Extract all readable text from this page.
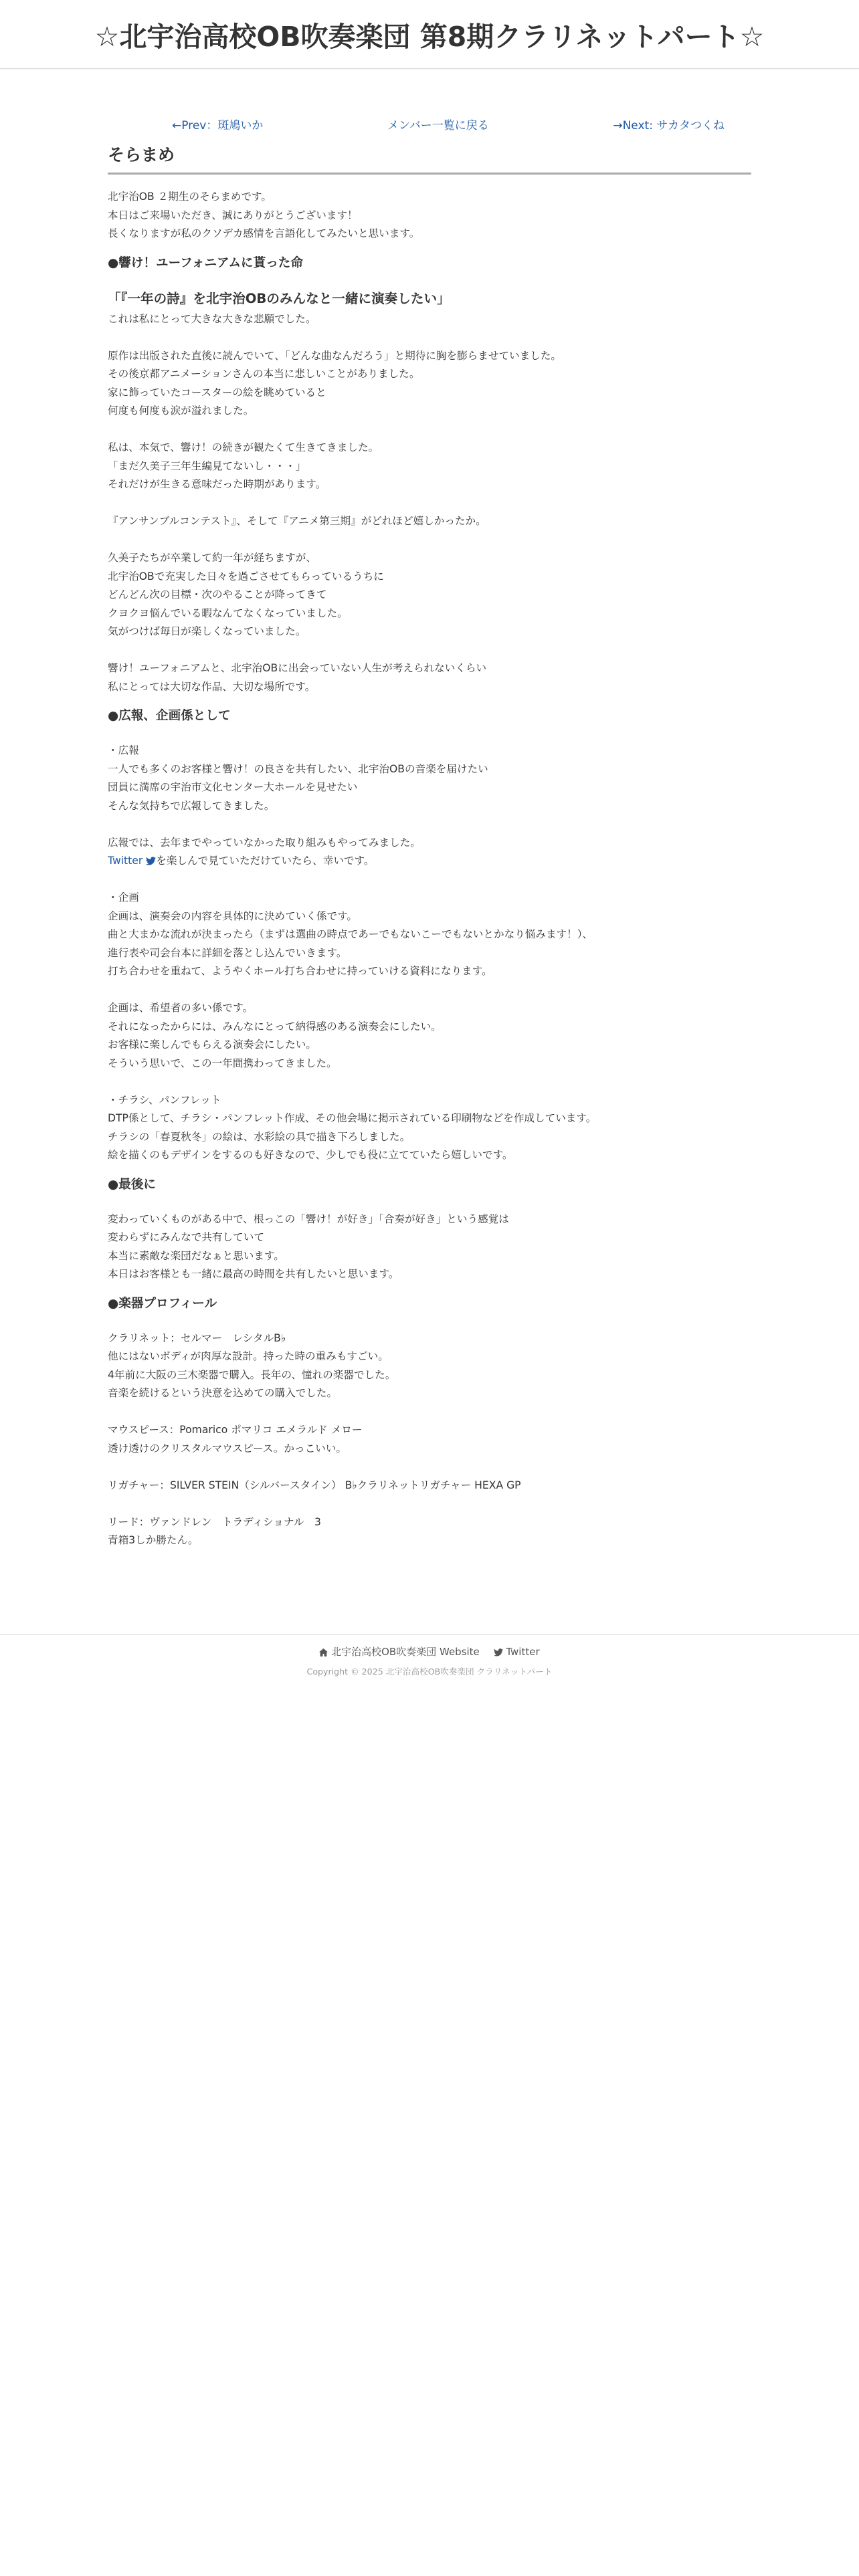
☆北宇治高校OB吹奏楽団 第8期クラリネットパート☆
←Prev：斑鳩いか	メンバー一覧に戻る	→Next: サカタつくね
そらまめ

北宇治OB ２期生のそらまめです。

本日はご来場いただき、誠にありがとうございます！

長くなりますが私のクソデカ感情を言語化してみたいと思います。

●響け！ユーフォニアムに貰った命
「『一年の詩』を北宇治OBのみんなと一緒に演奏したい」

これは私にとって大きな大きな悲願でした。

原作は出版された直後に読んでいて、「どんな曲なんだろう」と期待に胸を膨らませていました。

その後京都アニメーションさんの本当に悲しいことがありました。

家に飾っていたコースターの絵を眺めていると

何度も何度も涙が溢れました。

私は、本気で、響け！の続きが観たくて生きてきました。

「まだ久美子三年生編見てないし・・・」

それだけが生きる意味だった時期があります。

『アンサンブルコンテスト』、そして『アニメ第三期』がどれほど嬉しかったか。

久美子たちが卒業して約一年が経ちますが、

北宇治OBで充実した日々を過ごさせてもらっているうちに

どんどん次の目標・次のやることが降ってきて

クヨクヨ悩んでいる暇なんてなくなっていました。

気がつけば毎日が楽しくなっていました。

響け！ユーフォニアムと、北宇治OBに出会っていない人生が考えられないくらい

私にとっては大切な作品、大切な場所です。

●広報、企画係として

・広報

一人でも多くのお客様と響け！の良さを共有したい、北宇治OBの音楽を届けたい

団員に満席の宇治市文化センター大ホールを見せたい

そんな気持ちで広報してきました。

広報では、去年までやっていなかった取り組みもやってみました。

Twitter を楽しんで見ていただけていたら、幸いです。

・企画

企画は、演奏会の内容を具体的に決めていく係です。

曲と大まかな流れが決まったら（まずは選曲の時点であーでもないこーでもないとかなり悩みます！）、

進行表や司会台本に詳細を落とし込んでいきます。

打ち合わせを重ねて、ようやくホール打ち合わせに持っていける資料になります。

企画は、希望者の多い係です。

それになったからには、みんなにとって納得感のある演奏会にしたい。

お客様に楽しんでもらえる演奏会にしたい。

そういう思いで、この一年間携わってきました。

・チラシ、パンフレット

DTP係として、チラシ・パンフレット作成、その他会場に掲示されている印刷物などを作成しています。

チラシの「春夏秋冬」の絵は、水彩絵の具で描き下ろしました。

絵を描くのもデザインをするのも好きなので、少しでも役に立てていたら嬉しいです。

●最後に

変わっていくものがある中で、根っこの「響け！が好き」「合奏が好き」という感覚は

変わらずにみんなで共有していて

本当に素敵な楽団だなぁと思います。

本日はお客様とも一緒に最高の時間を共有したいと思います。

●楽器プロフィール

クラリネット：セルマー　レシタルB♭

他にはないボディが肉厚な設計。持った時の重みもすごい。

4年前に大阪の三木楽器で購入。長年の、憧れの楽器でした。

音楽を続けるという決意を込めての購入でした。

マウスピース：Pomarico ポマリコ エメラルド メロー

透け透けのクリスタルマウスピース。かっこいい。

リガチャー：SILVER STEIN（シルバースタイン） B♭クラリネットリガチャー HEXA GP

リード：ヴァンドレン　トラディショナル　3

青箱3しか勝たん。

北宇治高校OB吹奏楽団 Website	Twitter
Copyright © 2025 北宇治高校OB吹奏楽団 クラリネットパート
